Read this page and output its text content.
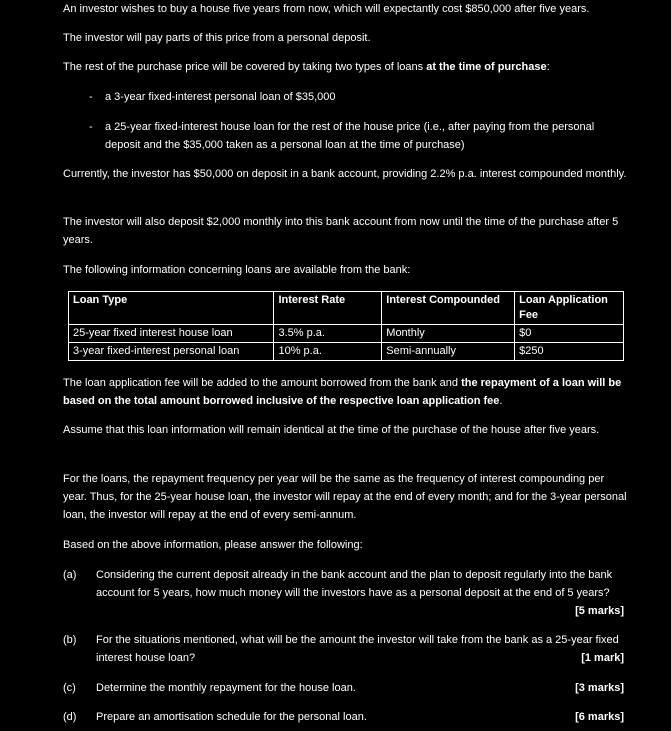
An investor wishes to buy a house five years from now, which will expectantly cost $850,000 after five years.
The investor will pay parts of this price from a personal deposit.
The rest of the purchase price will be covered by taking two types of loans at the time of purchase:
- a 3-year fixed-interest personal loan of $35,000
- a 25-year fixed-interest house loan for the rest of the house price (i.e., after paying from the personal deposit and the $35,000 taken as a personal loan at the time of purchase)
Currently, the investor has $50,000 on deposit in a bank account, providing 2.2% p.a. interest compounded monthly.
The investor will also deposit $2,000 monthly into this bank account from now until the time of the purchase after 5 years.
The following information concerning loans are available from the bank:
Loan Type	Interest Rate	Interest Compounded	Loan Application Fee
25-year fixed interest house loan	3.5% p.a.	Monthly	$0
3-year fixed-interest personal loan	10% p.a.	Semi-annually	$250
The loan application fee will be added to the amount borrowed from the bank and the repayment of a loan will be based on the total amount borrowed inclusive of the respective loan application fee.
Assume that this loan information will remain identical at the time of the purchase of the house after five years.
For the loans, the repayment frequency per year will be the same as the frequency of interest compounding per year. Thus, for the 25-year house loan, the investor will repay at the end of every month; and for the 3-year personal loan, the investor will repay at the end of every semi-annum.
Based on the above information, please answer the following:
(a) Considering the current deposit already in the bank account and the plan to deposit regularly into the bank account for 5 years, how much money will the investors have as a personal deposit at the end of 5 years?
[5 marks]
(b) For the situations mentioned, what will be the amount the investor will take from the bank as a 25-year fixed interest house loan?	[1 mark]
(c) Determine the monthly repayment for the house loan.	[3 marks]
(d) Prepare an amortisation schedule for the personal loan.	[6 marks]
